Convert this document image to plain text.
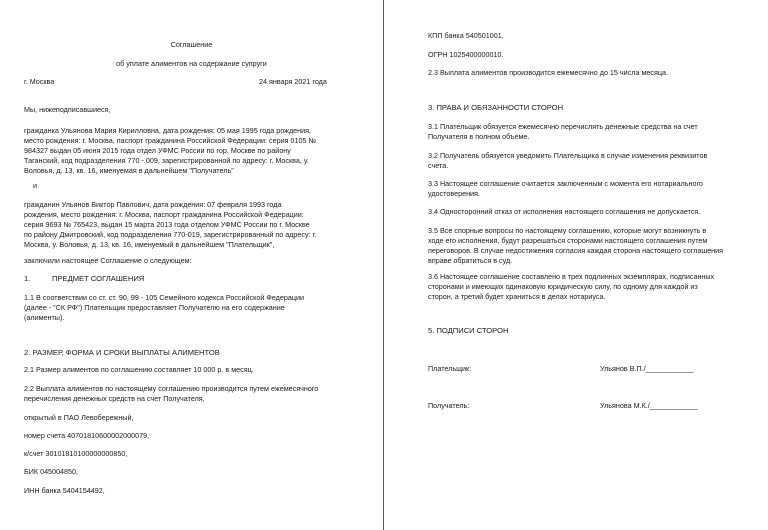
Соглашение
об уплате алиментов на содержание супруги
г. Москва	24 января 2021 года
Мы, нижеподписавшиеся,
гражданка Ульянова Мария Кирилловна, дата рождения: 05 мая 1995 года рождения,
место рождения: г. Москва, паспорт гражданина Российской Федерации: серия 0105 №
984327 выдан 05 июня 2015 года отдел УФМС России по гор. Москве по району
Таганский, код подразделения 770 - 009, зарегистрированной по адресу: г. Москва, у.
Воловья, д. 13, кв. 16, именуемая в дальнейшем "Получатель"
и
гражданин Ульянов Виктор Павлович, дата рождения: 07 февраля 1993 года
рождения, место рождения: г. Москва, паспорт гражданина Российской Федерации:
серия 9693 № 765423, выдан 15 марта 2013 года отделом УФМС России по г. Москве
по району Дмитровский, код подразделения 770-019, зарегистрированный по адресу: г.
Москва, у. Воловья, д. 13, кв. 16, именуемый в дальнейшем "Плательщик",
заключили настоящее Соглашение о следующем:
1.	ПРЕДМЕТ СОГЛАШЕНИЯ
1.1 В соответствии со ст. ст. 90, 99 - 105 Семейного кодекса Российской Федерации
(далее - "СК РФ") Плательщик предоставляет Получателю на его содержание
(алименты).
2. РАЗМЕР, ФОРМА И СРОКИ ВЫПЛАТЫ АЛИМЕНТОВ
2.1 Размер алиментов по соглашению составляет 10 000 р. в месяц.
2.2 Выплата алиментов по настоящему соглашению производится путем ежемесячного
перечисления денежных средств на счет Получателя,
открытый в ПАО Левобережный,
номер счета 40701810600002000079,
к/счет 30101810100000000850,
БИК 045004850,
ИНН банка 5404154492,
КПП банка 540501001,
ОГРН 1025400000010.
2.3 Выплата алиментов производится ежемесячно до 15 числа месяца.
3. ПРАВА И ОБЯЗАННОСТИ СТОРОН
3.1 Плательщик обязуется ежемесячно перечислять денежные средства на счет
Получателя в полном объеме.
3.2 Получатель обязуется уведомить Плательщика в случае изменения реквизитов
счета.
3.3 Настоящее соглашение считается заключенным с момента его нотариального
удостоверения.
3.4 Односторонний отказ от исполнения настоящего соглашения не допускается.
3.5 Все спорные вопросы по настоящему соглашению, которые могут возникнуть в
ходе его исполнения, будут разрешаться сторонами настоящего соглашения путем
переговоров. В случае недостижения согласия каждая сторона настоящего соглашения
вправе обратиться в суд.
3.6 Настоящее соглашение составлено в трех подлинных экземплярах, подписанных
сторонами и имеющих одинаковую юридическую силу, по одному для каждой из
сторон, а третий будет храниться в делах нотариуса.
5. ПОДПИСИ СТОРОН
Плательщик:	Ульянов В.П./____________
Получатель:	Ульянова М.К./____________
